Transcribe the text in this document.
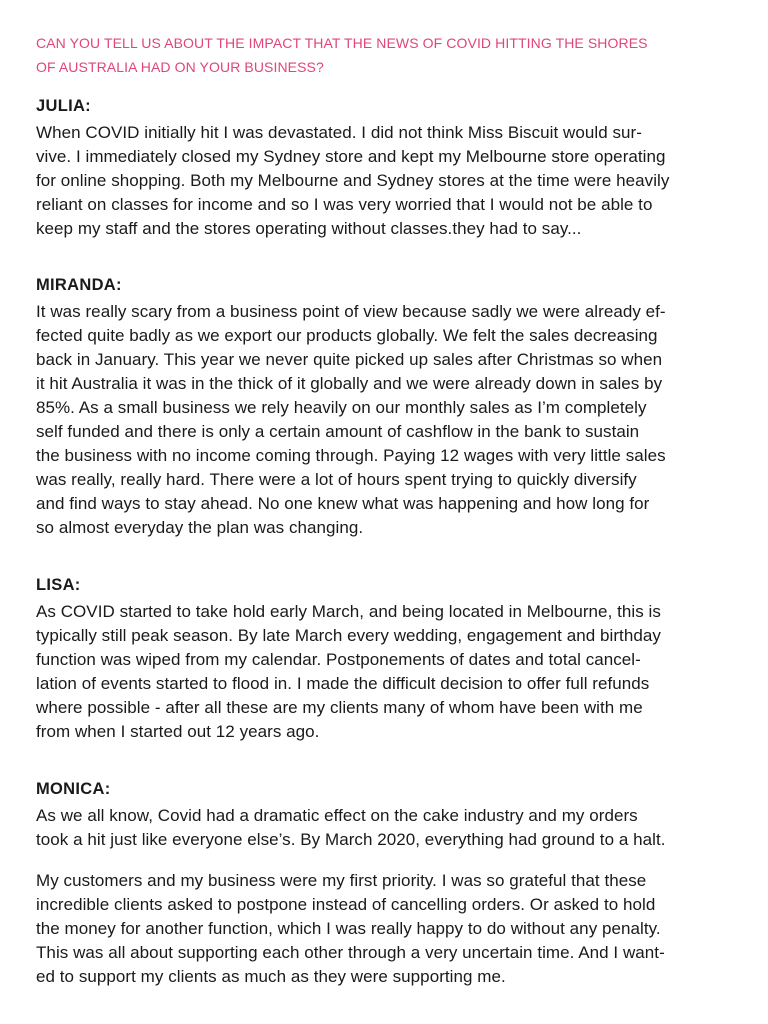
CAN YOU TELL US ABOUT THE IMPACT THAT THE NEWS OF COVID HITTING THE SHORES
OF AUSTRALIA HAD ON YOUR BUSINESS?
JULIA:
When COVID initially hit I was devastated. I did not think Miss Biscuit would sur-
vive. I immediately closed my Sydney store and kept my Melbourne store operating
for online shopping. Both my Melbourne and Sydney stores at the time were heavily
reliant on classes for income and so I was very worried that I would not be able to
keep my staff and the stores operating without classes.they had to say...
MIRANDA:
It was really scary from a business point of view because sadly we were already ef-
fected quite badly as we export our products globally. We felt the sales decreasing
back in January. This year we never quite picked up sales after Christmas so when
it hit Australia it was in the thick of it globally and we were already down in sales by
85%. As a small business we rely heavily on our monthly sales as I’m completely
self funded and there is only a certain amount of cashflow in the bank to sustain
the business with no income coming through. Paying 12 wages with very little sales
was really, really hard. There were a lot of hours spent trying to quickly diversify
and find ways to stay ahead. No one knew what was happening and how long for
so almost everyday the plan was changing.
LISA:
As COVID started to take hold early March, and being located in Melbourne, this is
typically still peak season. By late March every wedding, engagement and birthday
function was wiped from my calendar. Postponements of dates and total cancel-
lation of events started to flood in. I made the difficult decision to offer full refunds
where possible - after all these are my clients many of whom have been with me
from when I started out 12 years ago.
MONICA:
As we all know, Covid had a dramatic effect on the cake industry and my orders
took a hit just like everyone else’s. By March 2020, everything had ground to a halt.
My customers and my business were my first priority. I was so grateful that these
incredible clients asked to postpone instead of cancelling orders. Or asked to hold
the money for another function, which I was really happy to do without any penalty.
This was all about supporting each other through a very uncertain time. And I want-
ed to support my clients as much as they were supporting me.
